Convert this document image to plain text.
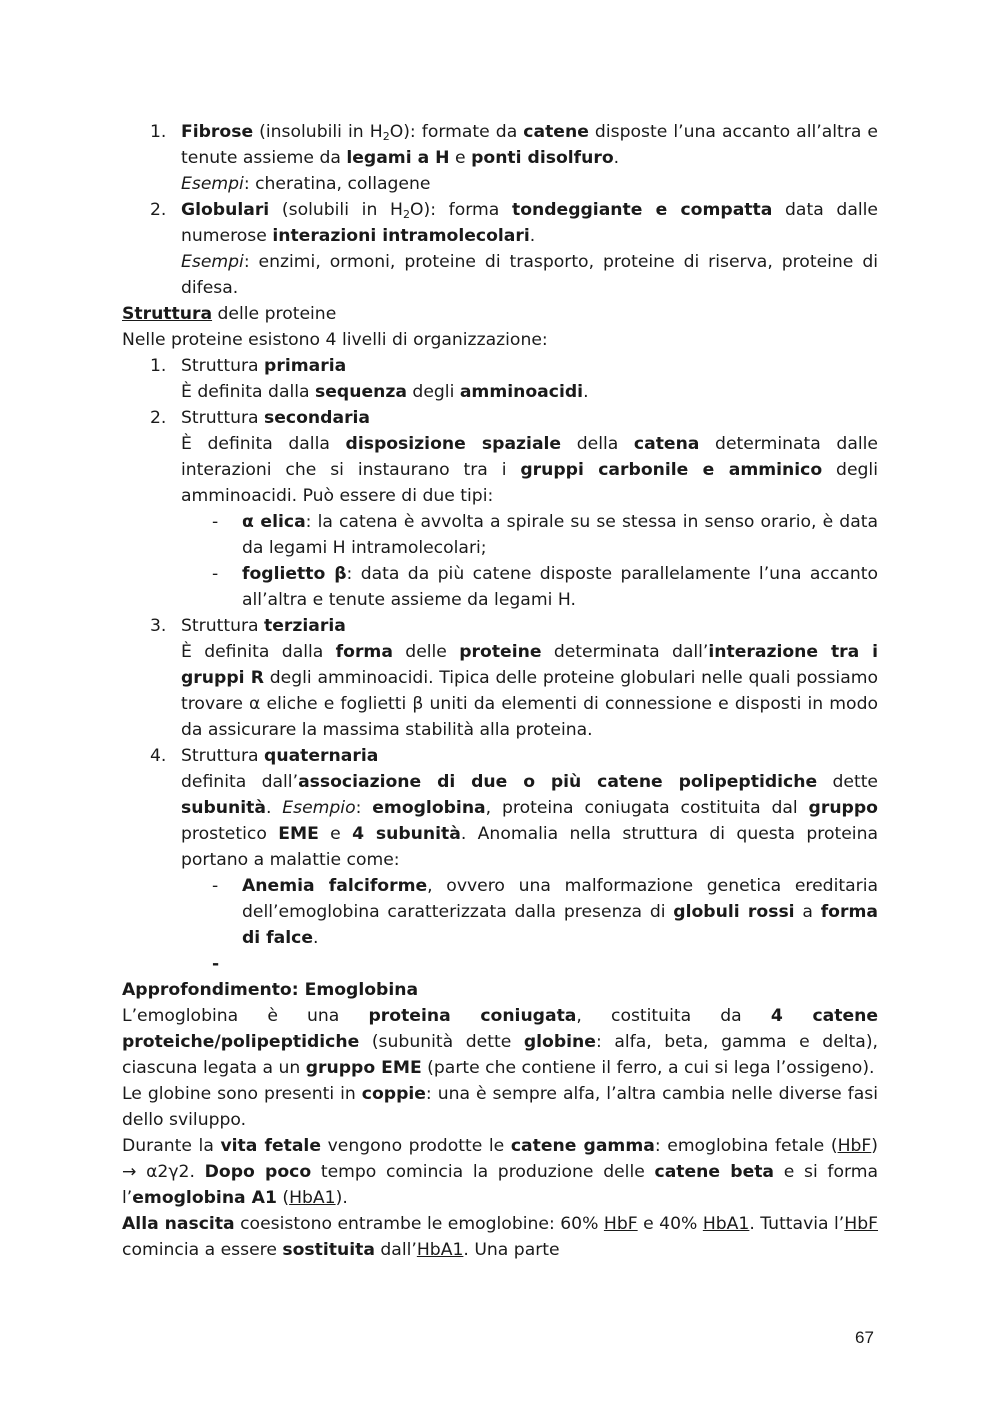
1. Fibrose (insolubili in $H_2O$): formate da catene disposte l’una accanto all’altra e tenute assieme da legami a H e ponti disolfuro.
Esempi: cheratina, collagene
2. Globulari (solubili in $H_2O$): forma tondeggiante e compatta data dalle numerose interazioni intramolecolari.
Esempi: enzimi, ormoni, proteine di trasporto, proteine di riserva, proteine di difesa.
Struttura delle proteine
Nelle proteine esistono 4 livelli di organizzazione:
1. Struttura primaria
È definita dalla sequenza degli amminoacidi.
2. Struttura secondaria
È definita dalla disposizione spaziale della catena determinata dalle interazioni che si instaurano tra i gruppi carbonile e amminico degli amminoacidi. Può essere di due tipi:
- α elica: la catena è avvolta a spirale su se stessa in senso orario, è data da legami H intramolecolari;
- foglietto β: data da più catene disposte parallelamente l’una accanto all’altra e tenute assieme da legami H.
3. Struttura terziaria
È definita dalla forma delle proteine determinata dall’interazione tra i gruppi R degli amminoacidi. Tipica delle proteine globulari nelle quali possiamo trovare α eliche e foglietti β uniti da elementi di connessione e disposti in modo da assicurare la massima stabilità alla proteina.
4. Struttura quaternaria
definita dall’associazione di due o più catene polipeptidiche dette subunità. Esempio: emoglobina, proteina coniugata costituita dal gruppo prostetico EME e 4 subunità. Anomalia nella struttura di questa proteina portano a malattie come:
- Anemia falciforme, ovvero una malformazione genetica ereditaria dell’emoglobina caratterizzata dalla presenza di globuli rossi a forma di falce.
-
Approfondimento: Emoglobina
L’emoglobina è una proteina coniugata, costituita da 4 catene proteiche/polipeptidiche (subunità dette globine: alfa, beta, gamma e delta), ciascuna legata a un gruppo EME (parte che contiene il ferro, a cui si lega l’ossigeno).
Le globine sono presenti in coppie: una è sempre alfa, l’altra cambia nelle diverse fasi dello sviluppo.
Durante la vita fetale vengono prodotte le catene gamma: emoglobina fetale (HbF) → α2γ2. Dopo poco tempo comincia la produzione delle catene beta e si forma l’emoglobina A1 (HbA1).
Alla nascita coesistono entrambe le emoglobine: 60% HbF e 40% HbA1. Tuttavia l’HbF comincia a essere sostituita dall’HbA1. Una parte
67
